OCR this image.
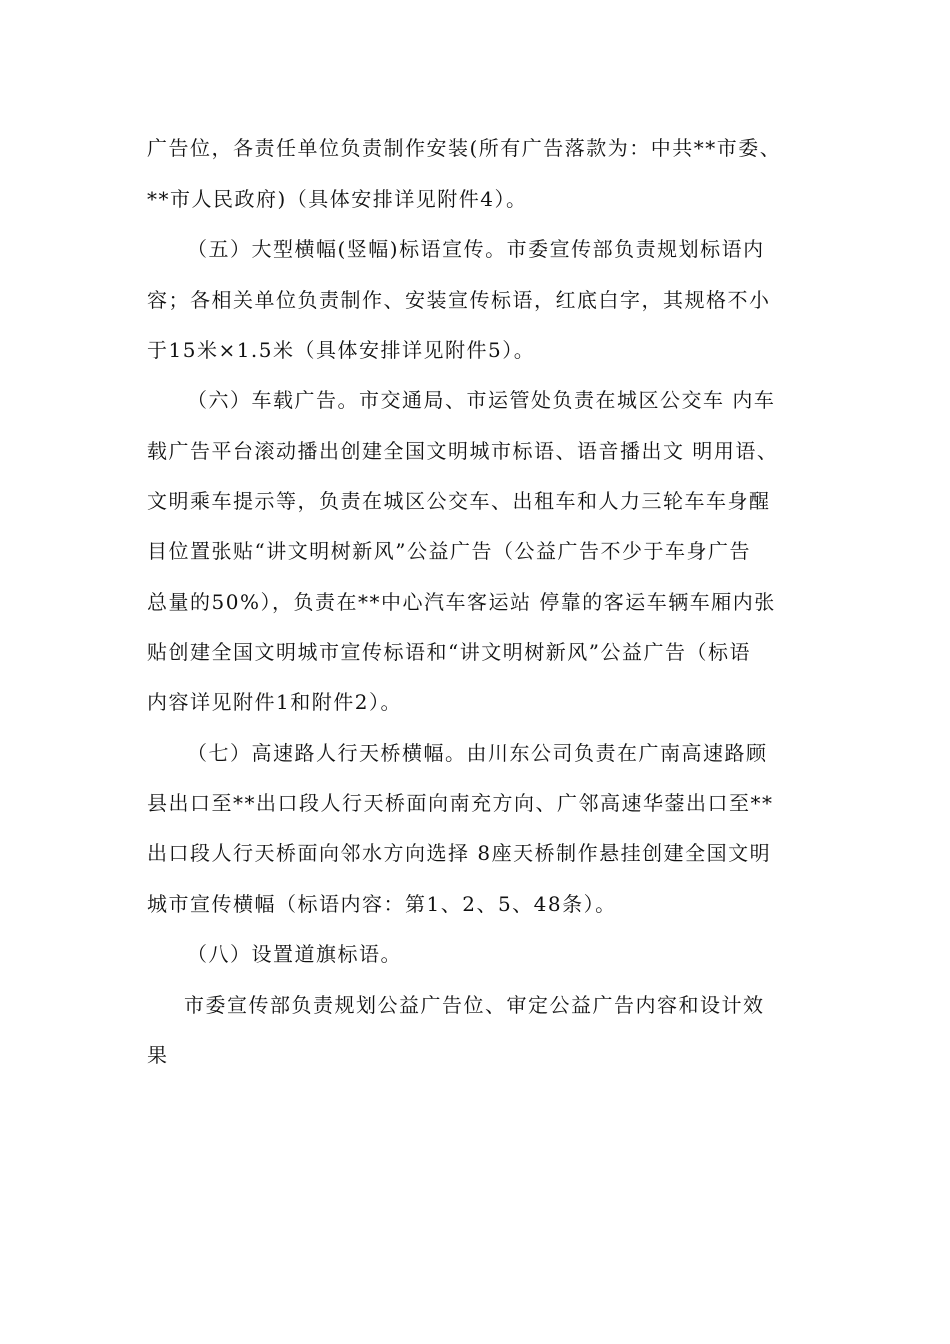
广告位，各责任单位负责制作安装(所有广告落款为：中共**市委、
**市人民政府)（具体安排详见附件4）。
（五）大型横幅(竖幅)标语宣传。市委宣传部负责规划标语内
容；各相关单位负责制作、安装宣传标语，红底白字，其规格不小
于15米×1.5米（具体安排详见附件5）。
（六）车载广告。市交通局、市运管处负责在城区公交车 内车
载广告平台滚动播出创建全国文明城市标语、语音播出文 明用语、
文明乘车提示等，负责在城区公交车、出租车和人力三轮车车身醒
目位置张贴“讲文明树新风”公益广告（公益广告不少于车身广告
总量的50%），负责在**中心汽车客运站 停靠的客运车辆车厢内张
贴创建全国文明城市宣传标语和“讲文明树新风”公益广告（标语
内容详见附件1和附件2）。
（七）高速路人行天桥横幅。由川东公司负责在广南高速路顾
县出口至**出口段人行天桥面向南充方向、广邻高速华蓥出口至**
出口段人行天桥面向邻水方向选择 8座天桥制作悬挂创建全国文明
城市宣传横幅（标语内容：第1、2、5、48条）。
（八）设置道旗标语。
市委宣传部负责规划公益广告位、审定公益广告内容和设计效
果
